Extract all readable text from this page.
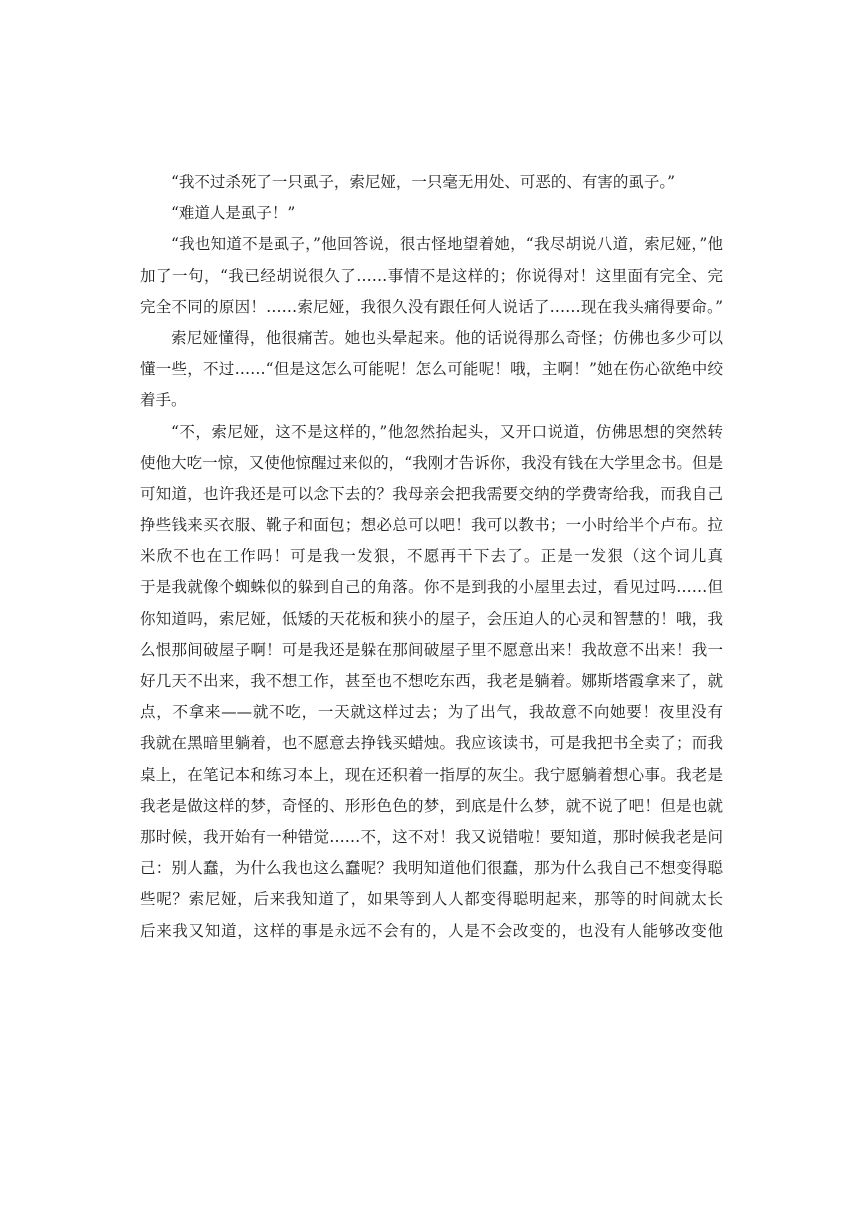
“我不过杀死了一只虱子，索尼娅，一只毫无用处、可恶的、有害的虱子。”
“难道人是虱子！”
“我也知道不是虱子，”他回答说，很古怪地望着她，“我尽胡说八道，索尼娅，”他
加了一句，“我已经胡说很久了……事情不是这样的；你说得对！这里面有完全、完
完全不同的原因！……索尼娅，我很久没有跟任何人说话了……现在我头痛得要命。”
索尼娅懂得，他很痛苦。她也头晕起来。他的话说得那么奇怪；仿佛也多少可以
懂一些，不过……“但是这怎么可能呢！怎么可能呢！哦，主啊！”她在伤心欲绝中绞
着手。
“不，索尼娅，这不是这样的，”他忽然抬起头，又开口说道，仿佛思想的突然转
使他大吃一惊，又使他惊醒过来似的，“我刚才告诉你，我没有钱在大学里念书。但是
可知道，也许我还是可以念下去的？我母亲会把我需要交纳的学费寄给我，而我自己
挣些钱来买衣服、靴子和面包；想必总可以吧！我可以教书；一小时给半个卢布。拉
米欣不也在工作吗！可是我一发狠，不愿再干下去了。正是一发狠（这个词儿真
于是我就像个蜘蛛似的躲到自己的角落。你不是到我的小屋里去过，看见过吗……但
你知道吗，索尼娅，低矮的天花板和狭小的屋子，会压迫人的心灵和智慧的！哦，我
么恨那间破屋子啊！可是我还是躲在那间破屋子里不愿意出来！我故意不出来！我一
好几天不出来，我不想工作，甚至也不想吃东西，我老是躺着。娜斯塔霞拿来了，就
点，不拿来——就不吃，一天就这样过去；为了出气，我故意不向她要！夜里没有
我就在黑暗里躺着，也不愿意去挣钱买蜡烛。我应该读书，可是我把书全卖了；而我
桌上，在笔记本和练习本上，现在还积着一指厚的灰尘。我宁愿躺着想心事。我老是
我老是做这样的梦，奇怪的、形形色色的梦，到底是什么梦，就不说了吧！但是也就
那时候，我开始有一种错觉……不，这不对！我又说错啦！要知道，那时候我老是问
己：别人蠢，为什么我也这么蠢呢？我明知道他们很蠢，那为什么我自己不想变得聪
些呢？索尼娅，后来我知道了，如果等到人人都变得聪明起来，那等的时间就太长
后来我又知道，这样的事是永远不会有的，人是不会改变的，也没有人能够改变他
